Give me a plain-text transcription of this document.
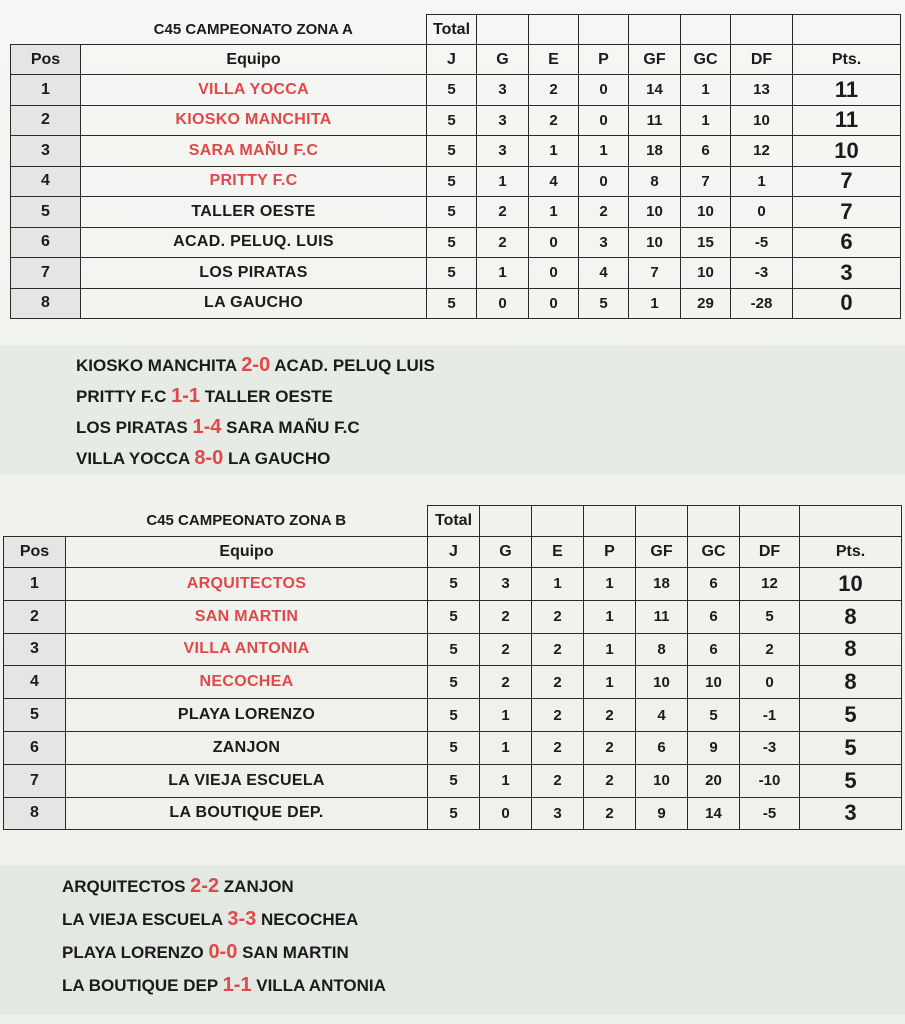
	C45 CAMPEONATO ZONA A	Total							
Pos	Equipo	J	G	E	P	GF	GC	DF	Pts.
1	VILLA YOCCA	5	3	2	0	14	1	13	11
2	KIOSKO MANCHITA	5	3	2	0	11	1	10	11
3	SARA MAÑU F.C	5	3	1	1	18	6	12	10
4	PRITTY F.C	5	1	4	0	8	7	1	7
5	TALLER OESTE	5	2	1	2	10	10	0	7
6	ACAD. PELUQ. LUIS	5	2	0	3	10	15	-5	6
7	LOS PIRATAS	5	1	0	4	7	10	-3	3
8	LA GAUCHO	5	0	0	5	1	29	-28	0
KIOSKO MANCHITA 2-0 ACAD. PELUQ LUIS
PRITTY F.C 1-1 TALLER OESTE
LOS PIRATAS 1-4 SARA MAÑU F.C
VILLA YOCCA 8-0 LA GAUCHO
	C45 CAMPEONATO ZONA B	Total							
Pos	Equipo	J	G	E	P	GF	GC	DF	Pts.
1	ARQUITECTOS	5	3	1	1	18	6	12	10
2	SAN MARTIN	5	2	2	1	11	6	5	8
3	VILLA ANTONIA	5	2	2	1	8	6	2	8
4	NECOCHEA	5	2	2	1	10	10	0	8
5	PLAYA LORENZO	5	1	2	2	4	5	-1	5
6	ZANJON	5	1	2	2	6	9	-3	5
7	LA VIEJA ESCUELA	5	1	2	2	10	20	-10	5
8	LA BOUTIQUE DEP.	5	0	3	2	9	14	-5	3
ARQUITECTOS 2-2 ZANJON
LA VIEJA ESCUELA 3-3 NECOCHEA
PLAYA LORENZO 0-0 SAN MARTIN
LA BOUTIQUE DEP 1-1 VILLA ANTONIA
